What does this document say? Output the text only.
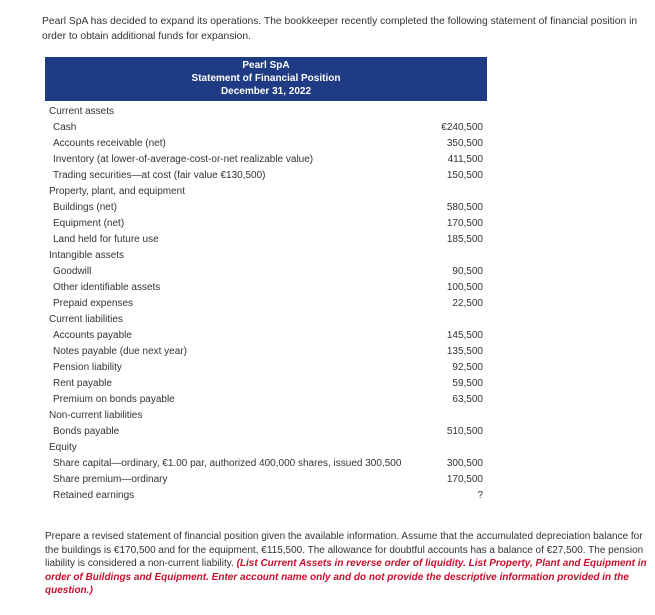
Pearl SpA has decided to expand its operations. The bookkeeper recently completed the following statement of financial position in order to obtain additional funds for expansion.
Pearl SpA
Statement of Financial Position
December 31, 2022
Current assets
Cash	€240,500
Accounts receivable (net)	350,500
Inventory (at lower-of-average-cost-or-net realizable value)	411,500
Trading securities—at cost (fair value €130,500)	150,500
Property, plant, and equipment
Buildings (net)	580,500
Equipment (net)	170,500
Land held for future use	185,500
Intangible assets
Goodwill	90,500
Other identifiable assets	100,500
Prepaid expenses	22,500
Current liabilities
Accounts payable	145,500
Notes payable (due next year)	135,500
Pension liability	92,500
Rent payable	59,500
Premium on bonds payable	63,500
Non-current liabilities
Bonds payable	510,500
Equity
Share capital—ordinary, €1.00 par, authorized 400,000 shares, issued 300,500	300,500
Share premium—ordinary	170,500
Retained earnings	?
Prepare a revised statement of financial position given the available information. Assume that the accumulated depreciation balance for the buildings is €170,500 and for the equipment, €115,500. The allowance for doubtful accounts has a balance of €27,500. The pension liability is considered a non-current liability. (List Current Assets in reverse order of liquidity. List Property, Plant and Equipment in order of Buildings and Equipment. Enter account name only and do not provide the descriptive information provided in the question.)
